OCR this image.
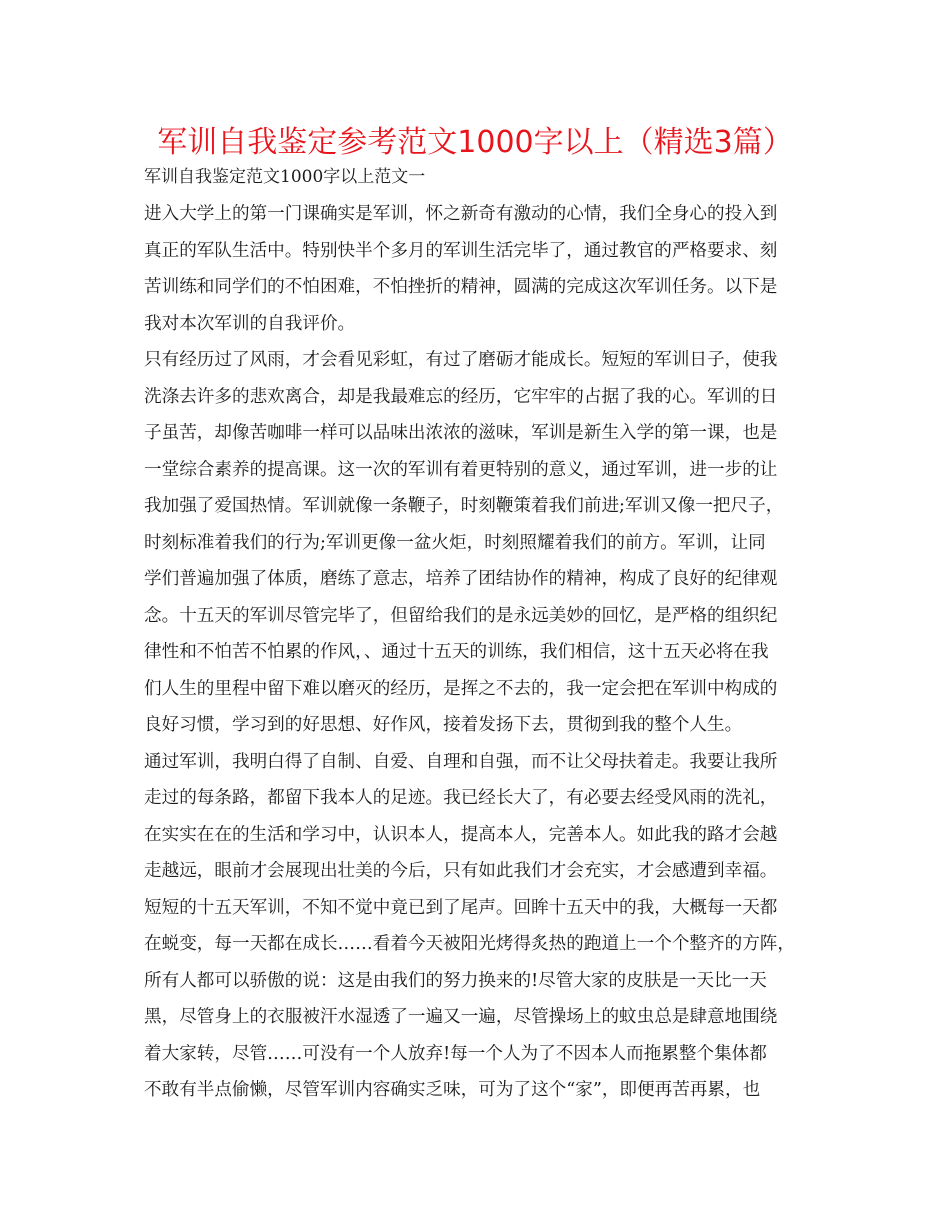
军训自我鉴定参考范文1000字以上（精选3篇）
军训自我鉴定范文1000字以上范文一
进入大学上的第一门课确实是军训，怀之新奇有激动的心情，我们全身心的投入到
真正的军队生活中。特别快半个多月的军训生活完毕了，通过教官的严格要求、刻
苦训练和同学们的不怕困难，不怕挫折的精神，圆满的完成这次军训任务。以下是
我对本次军训的自我评价。
只有经历过了风雨，才会看见彩虹，有过了磨砺才能成长。短短的军训日子，使我
洗涤去许多的悲欢离合，却是我最难忘的经历，它牢牢的占据了我的心。军训的日
子虽苦，却像苦咖啡一样可以品味出浓浓的滋味，军训是新生入学的第一课，也是
一堂综合素养的提高课。这一次的军训有着更特别的意义，通过军训，进一步的让
我加强了爱国热情。军训就像一条鞭子，时刻鞭策着我们前进;军训又像一把尺子，
时刻标准着我们的行为;军训更像一盆火炬，时刻照耀着我们的前方。军训，让同
学们普遍加强了体质，磨练了意志，培养了团结协作的精神，构成了良好的纪律观
念。十五天的军训尽管完毕了，但留给我们的是永远美妙的回忆，是严格的组织纪
律性和不怕苦不怕累的作风，、通过十五天的训练，我们相信，这十五天必将在我
们人生的里程中留下难以磨灭的经历，是挥之不去的，我一定会把在军训中构成的
良好习惯，学习到的好思想、好作风，接着发扬下去，贯彻到我的整个人生。
通过军训，我明白得了自制、自爱、自理和自强，而不让父母扶着走。我要让我所
走过的每条路，都留下我本人的足迹。我已经长大了，有必要去经受风雨的洗礼，
在实实在在的生活和学习中，认识本人，提高本人，完善本人。如此我的路才会越
走越远，眼前才会展现出壮美的今后，只有如此我们才会充实，才会感遭到幸福。
短短的十五天军训，不知不觉中竟已到了尾声。回眸十五天中的我，大概每一天都
在蜕变，每一天都在成长……看着今天被阳光烤得炙热的跑道上一个个整齐的方阵，
所有人都可以骄傲的说：这是由我们的努力换来的!尽管大家的皮肤是一天比一天
黑，尽管身上的衣服被汗水湿透了一遍又一遍，尽管操场上的蚊虫总是肆意地围绕
着大家转，尽管……可没有一个人放弃!每一个人为了不因本人而拖累整个集体都
不敢有半点偷懒，尽管军训内容确实乏味，可为了这个“家”，即便再苦再累，也
